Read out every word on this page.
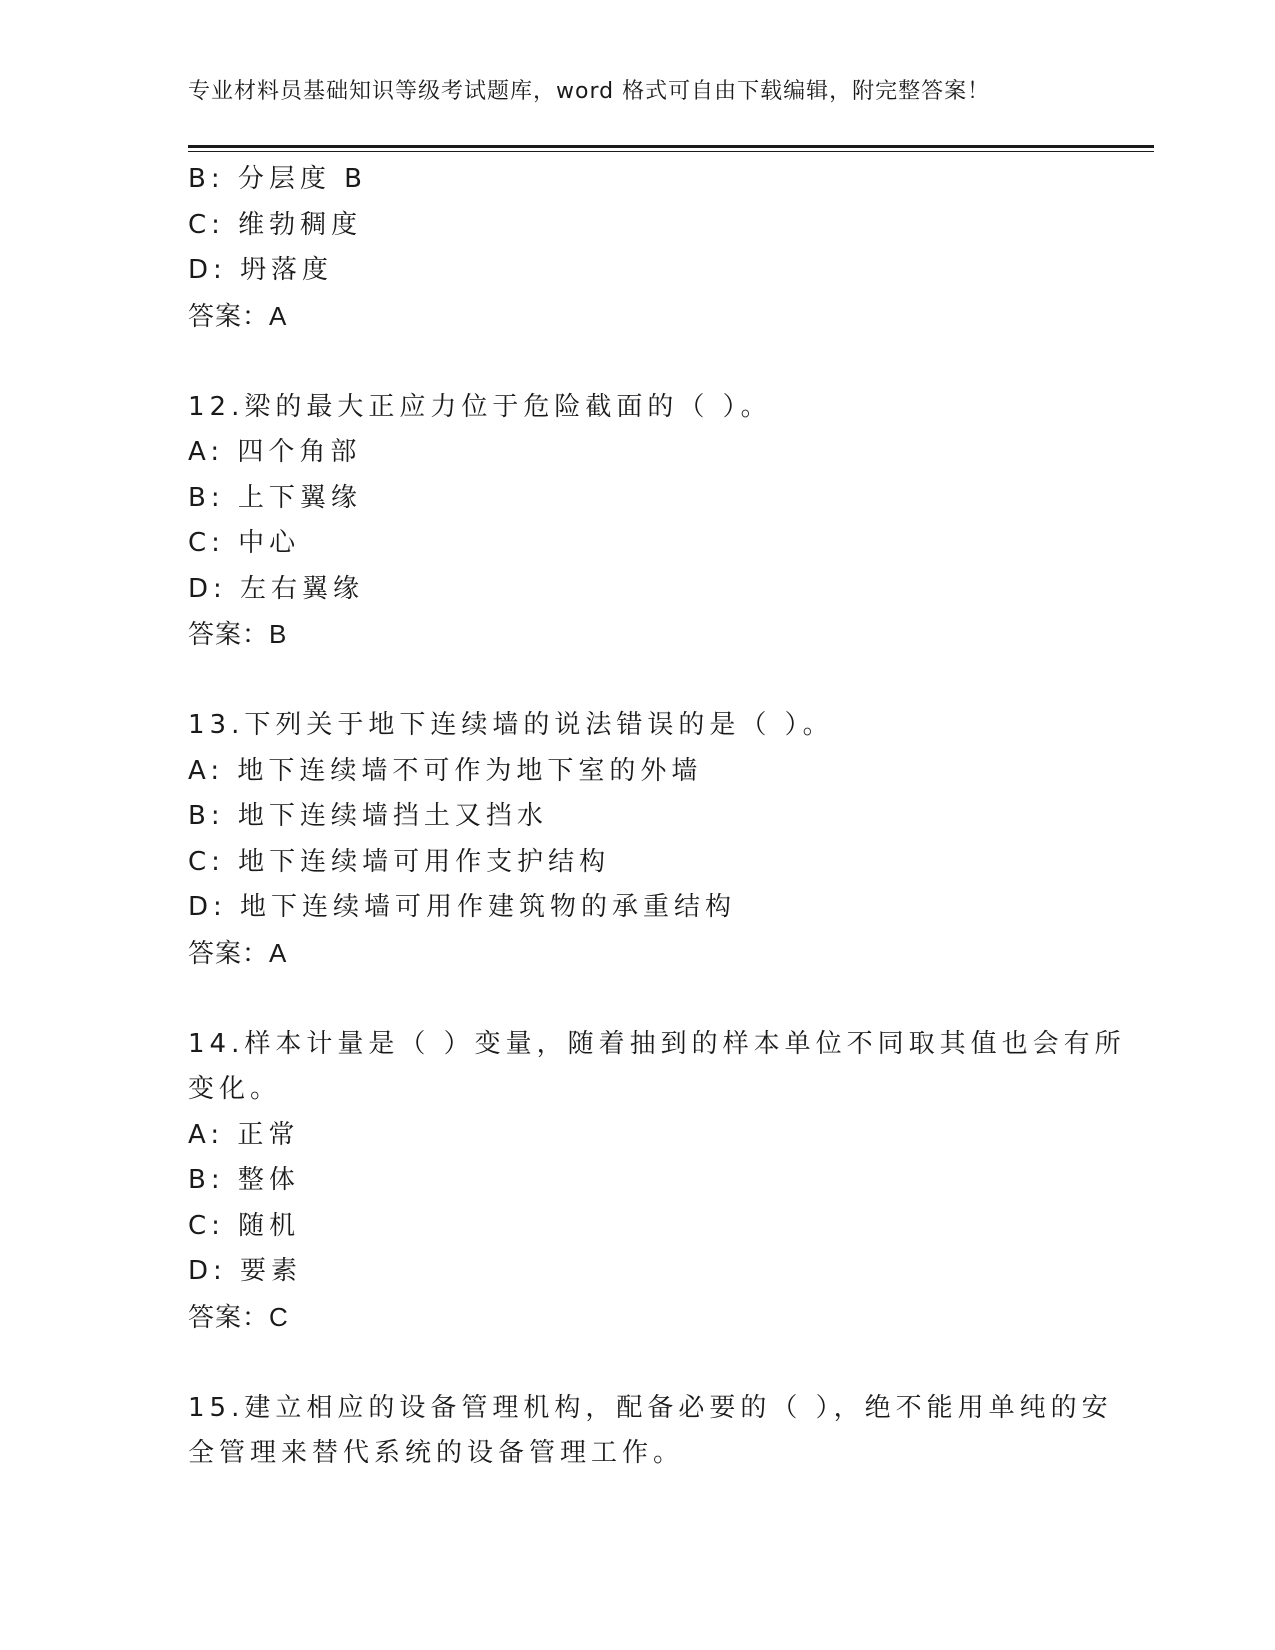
专业材料员基础知识等级考试题库，word 格式可自由下载编辑，附完整答案！
B: 分层度 B
C: 维勃稠度
D: 坍落度
答案：A
12.梁的最大正应力位于危险截面的（ ）。
A: 四个角部
B: 上下翼缘
C: 中心
D: 左右翼缘
答案：B
13.下列关于地下连续墙的说法错误的是（ ）。
A: 地下连续墙不可作为地下室的外墙
B: 地下连续墙挡土又挡水
C: 地下连续墙可用作支护结构
D: 地下连续墙可用作建筑物的承重结构
答案：A
14.样本计量是（ ）变量，随着抽到的样本单位不同取其值也会有所
变化。
A: 正常
B: 整体
C: 随机
D: 要素
答案：C
15.建立相应的设备管理机构，配备必要的（ ），绝不能用单纯的安
全管理来替代系统的设备管理工作。
